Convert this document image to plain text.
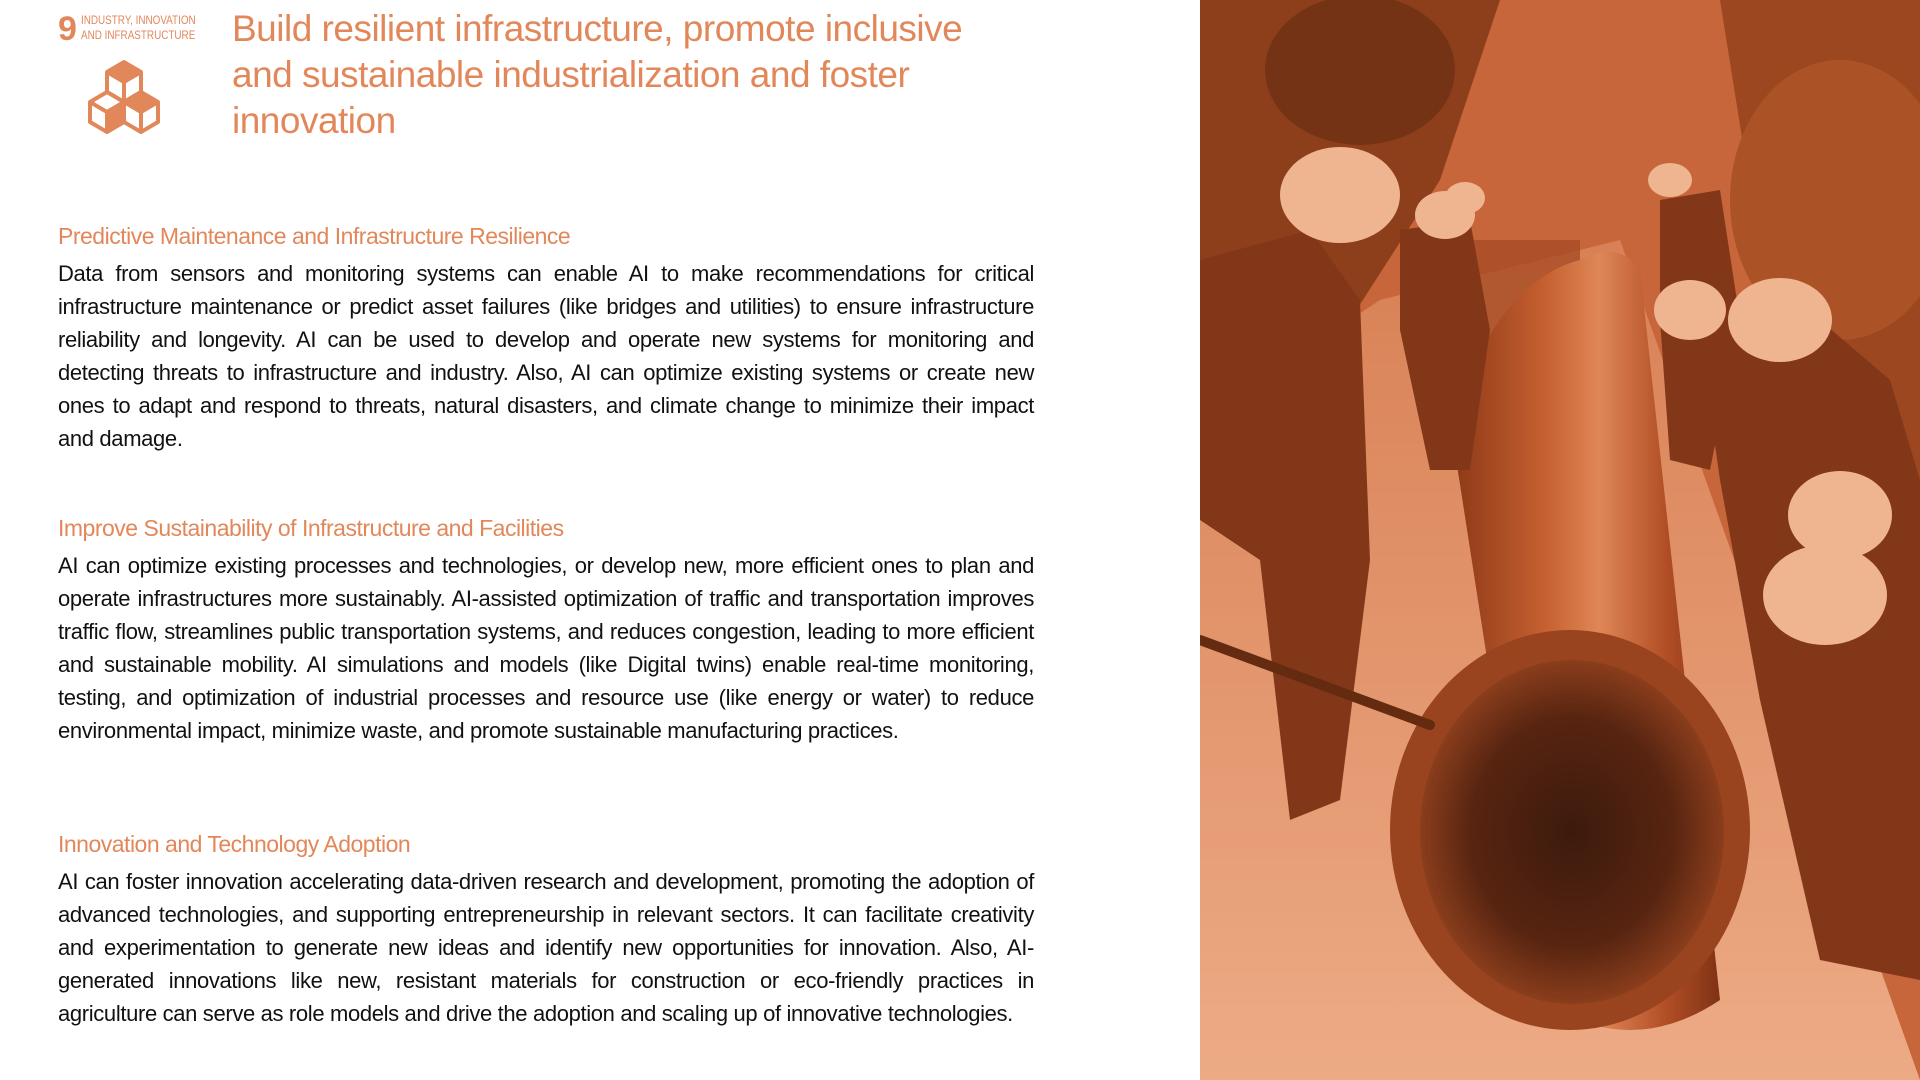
9 INDUSTRY, INNOVATION
AND INFRASTRUCTURE Build resilient infrastructure, promote inclusive and sustainable industrialization and foster innovation
Predictive Maintenance and Infrastructure Resilience

Data from sensors and monitoring systems can enable AI to make recommendations for critical infrastructure maintenance or predict asset failures (like bridges and utilities) to ensure infrastructure reliability and longevity. AI can be used to develop and operate new systems for monitoring and detecting threats to infrastructure and industry. Also, AI can optimize existing systems or create new ones to adapt and respond to threats, natural disasters, and climate change to minimize their impact and damage.

Improve Sustainability of Infrastructure and Facilities

AI can optimize existing processes and technologies, or develop new, more efficient ones to plan and operate infrastructures more sustainably. AI-assisted optimization of traffic and transportation improves traffic flow, streamlines public transportation systems, and reduces congestion, leading to more efficient and sustainable mobility. AI simulations and models (like Digital twins) enable real-time monitoring, testing, and optimization of industrial processes and resource use (like energy or water) to reduce environmental impact, minimize waste, and promote sustainable manufacturing practices.

Innovation and Technology Adoption

AI can foster innovation accelerating data-driven research and development, promoting the adoption of advanced technologies, and supporting entrepreneurship in relevant sectors. It can facilitate creativity and experimentation to generate new ideas and identify new opportunities for innovation. Also, AI-generated innovations like new, resistant materials for construction or eco-friendly practices in agriculture can serve as role models and drive the adoption and scaling up of innovative technologies.
